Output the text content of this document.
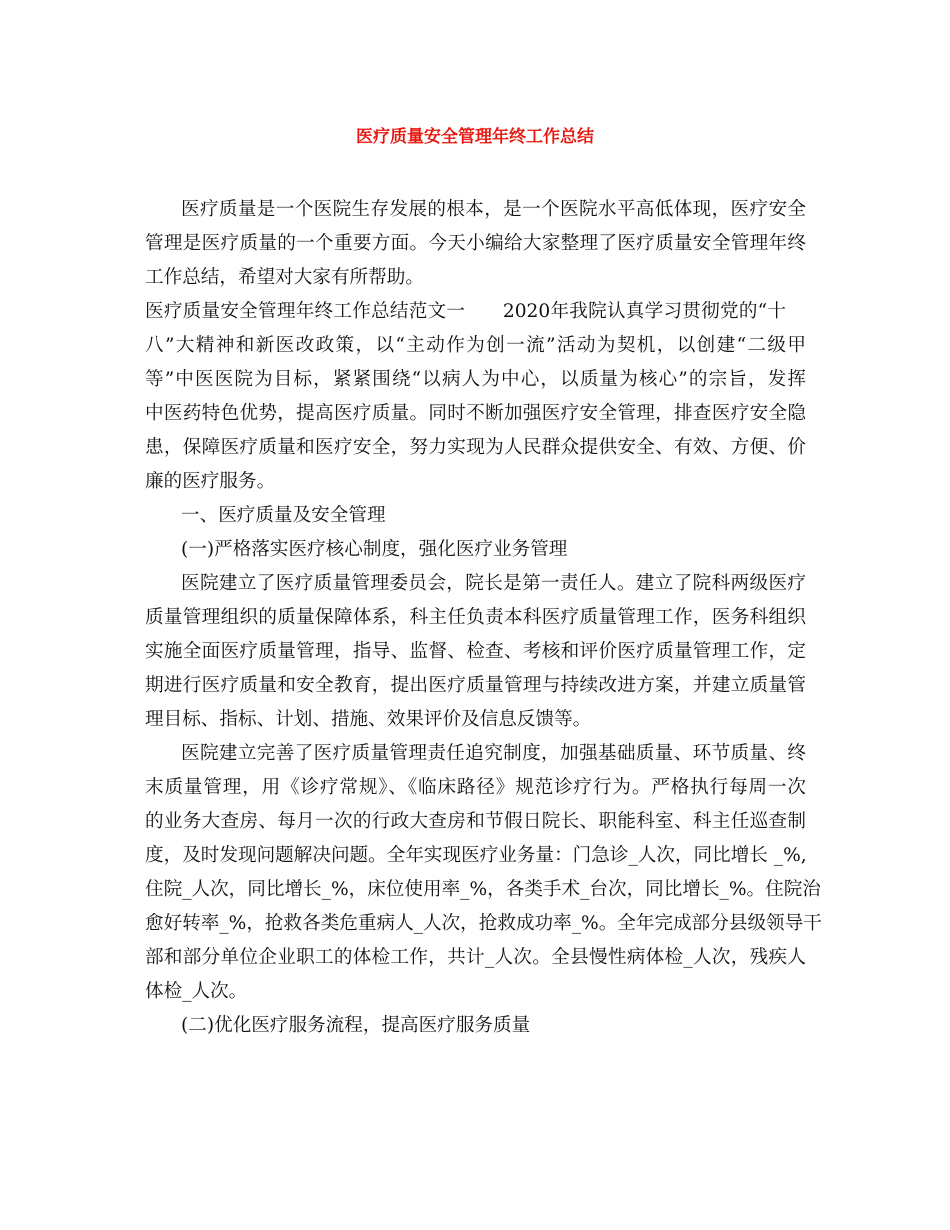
医疗质量安全管理年终工作总结
医疗质量是一个医院生存发展的根本，是一个医院水平高低体现，医疗安全
管理是医疗质量的一个重要方面。今天小编给大家整理了医疗质量安全管理年终
工作总结，希望对大家有所帮助。
医疗质量安全管理年终工作总结范文一　　2020年我院认真学习贯彻党的“十
八”大精神和新医改政策，以“主动作为创一流”活动为契机，以创建“二级甲
等”中医医院为目标，紧紧围绕“以病人为中心，以质量为核心”的宗旨，发挥
中医药特色优势，提高医疗质量。同时不断加强医疗安全管理，排查医疗安全隐
患，保障医疗质量和医疗安全，努力实现为人民群众提供安全、有效、方便、价
廉的医疗服务。
一、医疗质量及安全管理
(一)严格落实医疗核心制度，强化医疗业务管理
医院建立了医疗质量管理委员会，院长是第一责任人。建立了院科两级医疗
质量管理组织的质量保障体系，科主任负责本科医疗质量管理工作，医务科组织
实施全面医疗质量管理，指导、监督、检查、考核和评价医疗质量管理工作，定
期进行医疗质量和安全教育，提出医疗质量管理与持续改进方案，并建立质量管
理目标、指标、计划、措施、效果评价及信息反馈等。
医院建立完善了医疗质量管理责任追究制度，加强基础质量、环节质量、终
末质量管理，用《诊疗常规》、《临床路径》规范诊疗行为。严格执行每周一次
的业务大查房、每月一次的行政大查房和节假日院长、职能科室、科主任巡查制
度，及时发现问题解决问题。全年实现医疗业务量：门急诊_人次，同比增长 _%,
住院_人次，同比增长_%，床位使用率_%，各类手术_台次，同比增长_%。住院治
愈好转率_%，抢救各类危重病人_人次，抢救成功率_%。全年完成部分县级领导干
部和部分单位企业职工的体检工作，共计_人次。全县慢性病体检_人次，残疾人
体检_人次。
(二)优化医疗服务流程，提高医疗服务质量
